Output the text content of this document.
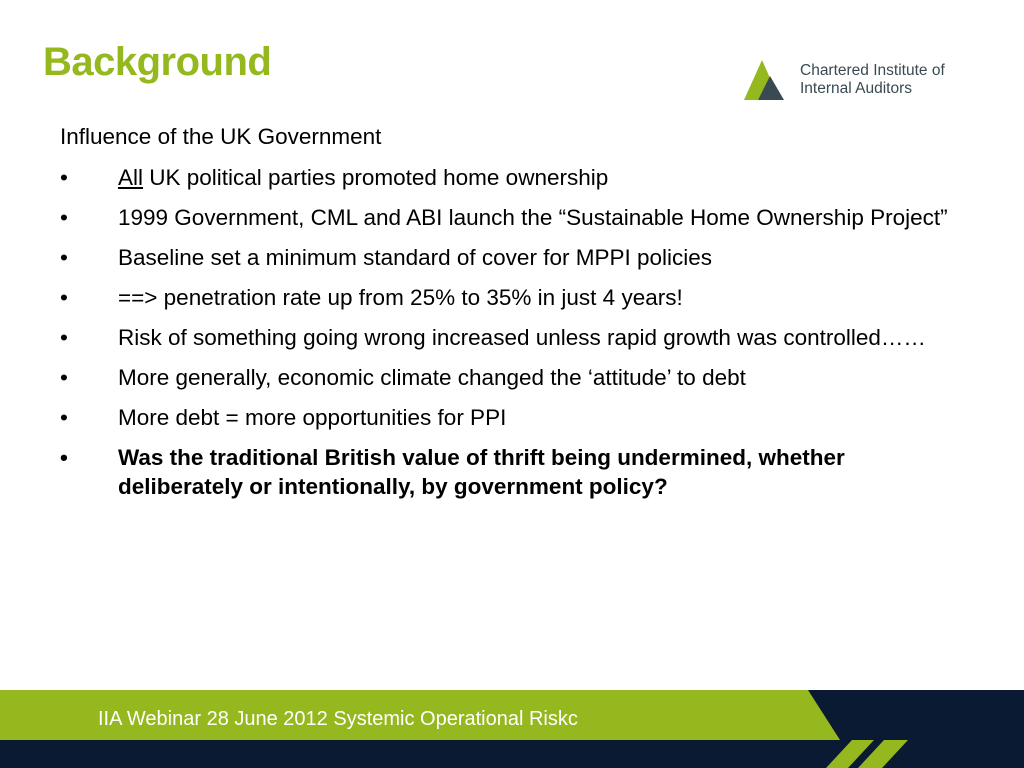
Background	Chartered Institute of
Internal Auditors

Influence of the UK Government

• All UK political parties promoted home ownership
• 1999 Government, CML and ABI launch the “Sustainable Home Ownership Project”
• Baseline set a minimum standard of cover for MPPI policies
• ==> penetration rate up from 25% to 35% in just 4 years!
• Risk of something going wrong increased unless rapid growth was controlled……
• More generally, economic climate changed the ‘attitude’ to debt
• More debt = more opportunities for PPI
• Was the traditional British value of thrift being undermined, whether deliberately or intentionally, by government policy?
IIA Webinar 28 June 2012 Systemic Operational Riskc
